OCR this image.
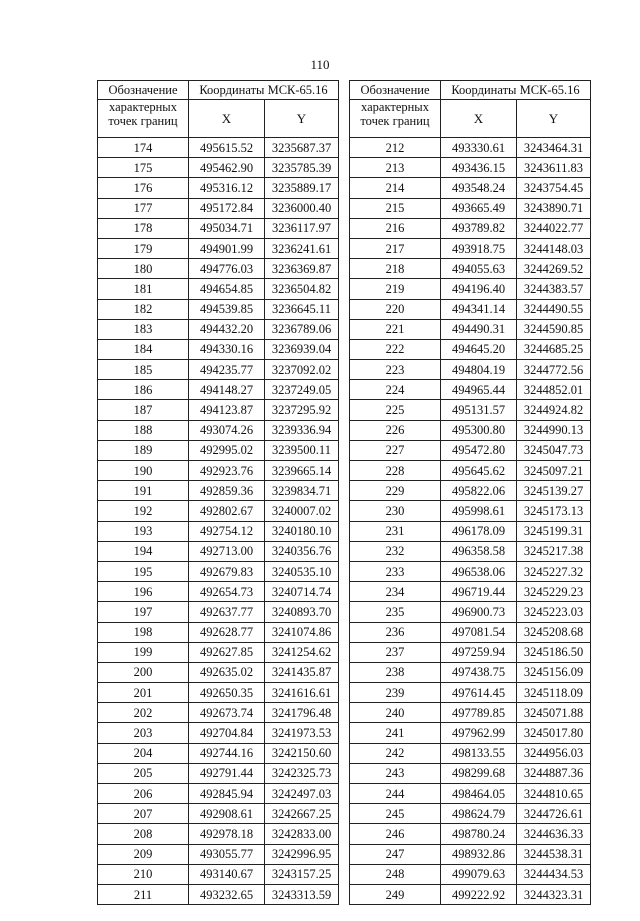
110
Обозначение	Координаты МСК-65.16			Обозначение	Координаты МСК-65.16	
характерных точек границ	X	Y		характерных точек границ	X	Y
174	495615.52	3235687.37		212	493330.61	3243464.31
175	495462.90	3235785.39		213	493436.15	3243611.83
176	495316.12	3235889.17		214	493548.24	3243754.45
177	495172.84	3236000.40		215	493665.49	3243890.71
178	495034.71	3236117.97		216	493789.82	3244022.77
179	494901.99	3236241.61		217	493918.75	3244148.03
180	494776.03	3236369.87		218	494055.63	3244269.52
181	494654.85	3236504.82		219	494196.40	3244383.57
182	494539.85	3236645.11		220	494341.14	3244490.55
183	494432.20	3236789.06		221	494490.31	3244590.85
184	494330.16	3236939.04		222	494645.20	3244685.25
185	494235.77	3237092.02		223	494804.19	3244772.56
186	494148.27	3237249.05		224	494965.44	3244852.01
187	494123.87	3237295.92		225	495131.57	3244924.82
188	493074.26	3239336.94		226	495300.80	3244990.13
189	492995.02	3239500.11		227	495472.80	3245047.73
190	492923.76	3239665.14		228	495645.62	3245097.21
191	492859.36	3239834.71		229	495822.06	3245139.27
192	492802.67	3240007.02		230	495998.61	3245173.13
193	492754.12	3240180.10		231	496178.09	3245199.31
194	492713.00	3240356.76		232	496358.58	3245217.38
195	492679.83	3240535.10		233	496538.06	3245227.32
196	492654.73	3240714.74		234	496719.44	3245229.23
197	492637.77	3240893.70		235	496900.73	3245223.03
198	492628.77	3241074.86		236	497081.54	3245208.68
199	492627.85	3241254.62		237	497259.94	3245186.50
200	492635.02	3241435.87		238	497438.75	3245156.09
201	492650.35	3241616.61		239	497614.45	3245118.09
202	492673.74	3241796.48		240	497789.85	3245071.88
203	492704.84	3241973.53		241	497962.99	3245017.80
204	492744.16	3242150.60		242	498133.55	3244956.03
205	492791.44	3242325.73		243	498299.68	3244887.36
206	492845.94	3242497.03		244	498464.05	3244810.65
207	492908.61	3242667.25		245	498624.79	3244726.61
208	492978.18	3242833.00		246	498780.24	3244636.33
209	493055.77	3242996.95		247	498932.86	3244538.31
210	493140.67	3243157.25		248	499079.63	3244434.53
211	493232.65	3243313.59		249	499222.92	3244323.31
